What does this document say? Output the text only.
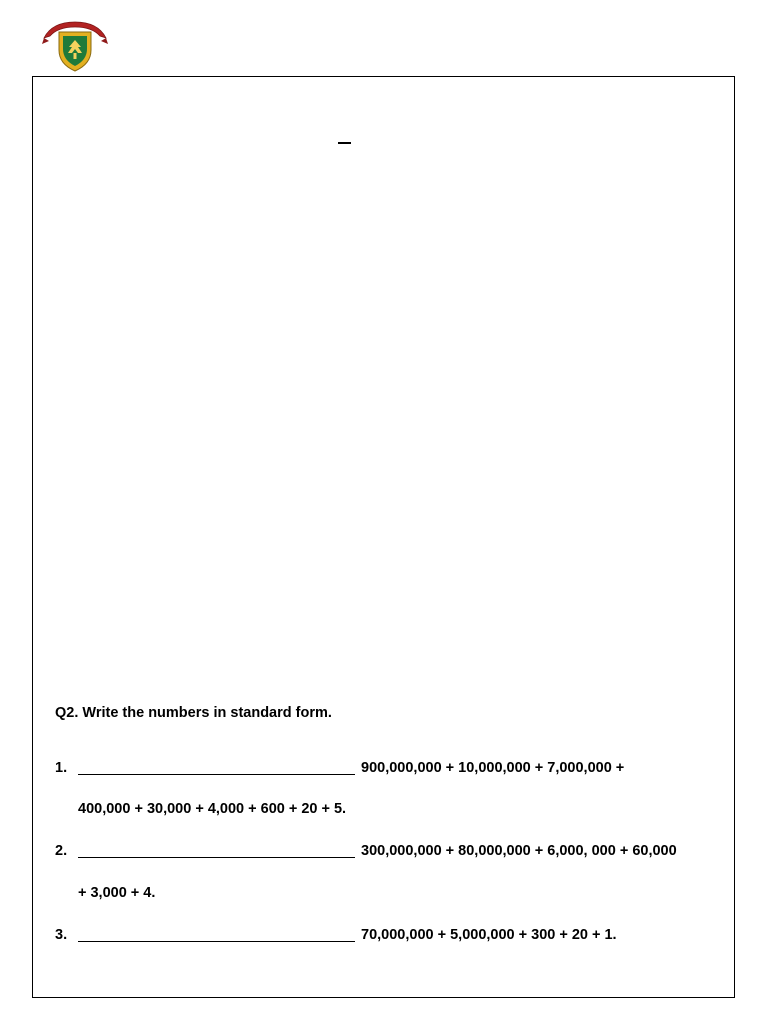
Q2. Write the numbers in standard form.
1.	900,000,000 + 10,000,000 + 7,000,000 +
400,000 + 30,000 + 4,000 + 600 + 20 + 5.
2.	300,000,000 + 80,000,000 + 6,000, 000 + 60,000
+ 3,000 + 4.
3.	70,000,000 + 5,000,000 + 300 + 20 + 1.
